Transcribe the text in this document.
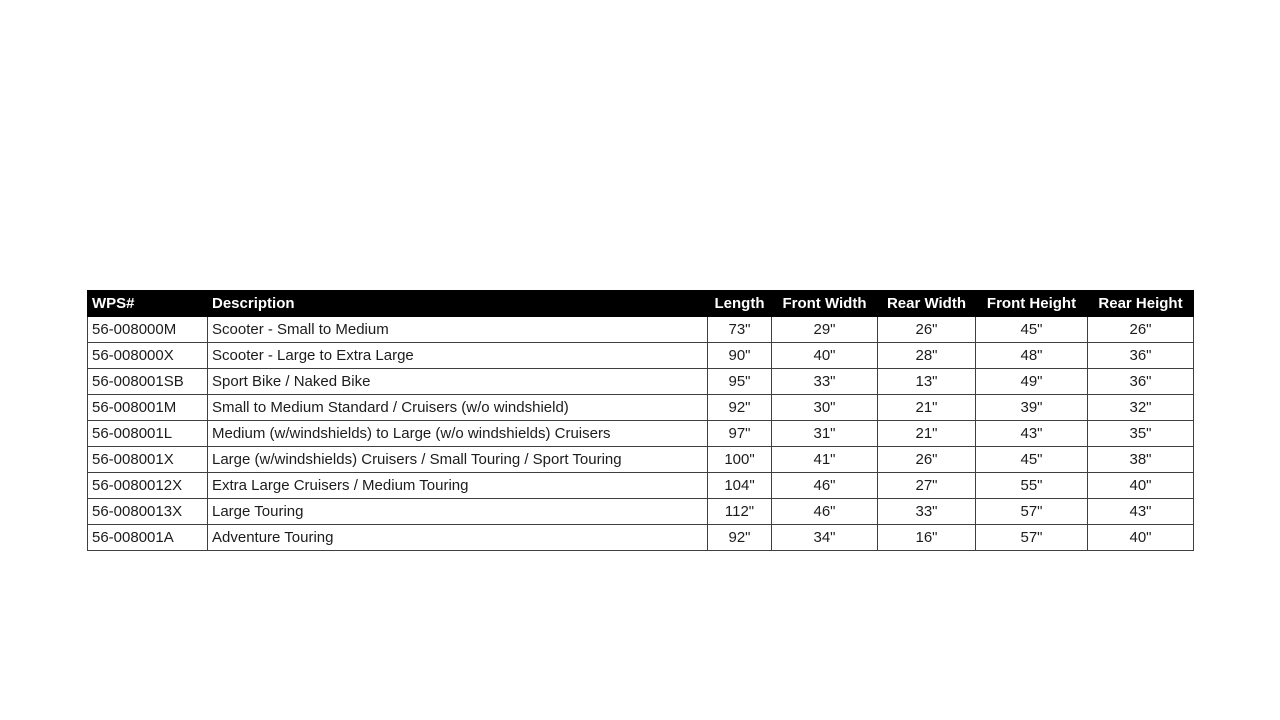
WPS#	Description	Length	Front Width	Rear Width	Front Height	Rear Height
56-008000M	Scooter - Small to Medium	73"	29"	26"	45"	26"
56-008000X	Scooter - Large to Extra Large	90"	40"	28"	48"	36"
56-008001SB	Sport Bike / Naked Bike	95"	33"	13"	49"	36"
56-008001M	Small to Medium Standard / Cruisers (w/o windshield)	92"	30"	21"	39"	32"
56-008001L	Medium (w/windshields) to Large (w/o windshields) Cruisers	97"	31"	21"	43"	35"
56-008001X	Large (w/windshields) Cruisers / Small Touring / Sport Touring	100"	41"	26"	45"	38"
56-0080012X	Extra Large Cruisers / Medium Touring	104"	46"	27"	55"	40"
56-0080013X	Large Touring	112"	46"	33"	57"	43"
56-008001A	Adventure Touring	92"	34"	16"	57"	40"
